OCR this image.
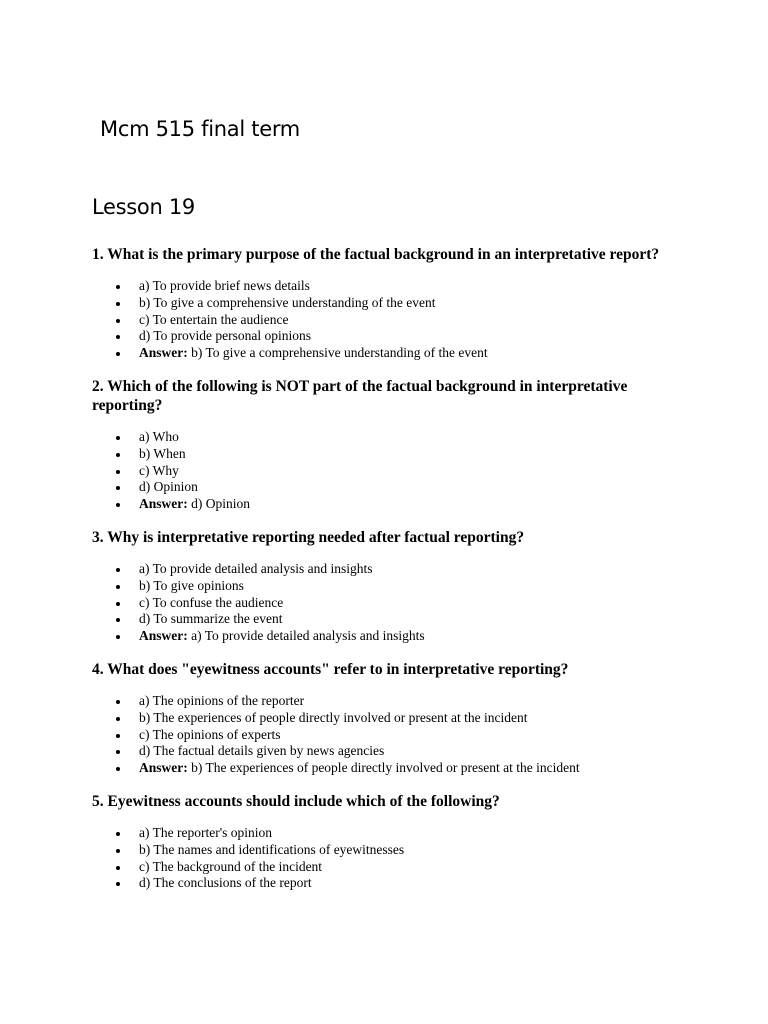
Mcm 515 final term
Lesson 19

1. What is the primary purpose of the factual background in an interpretative report?

a) To provide brief news details
b) To give a comprehensive understanding of the event
c) To entertain the audience
d) To provide personal opinions
Answer: b) To give a comprehensive understanding of the event

2. Which of the following is NOT part of the factual background in interpretative reporting?

a) Who
b) When
c) Why
d) Opinion
Answer: d) Opinion

3. Why is interpretative reporting needed after factual reporting?

a) To provide detailed analysis and insights
b) To give opinions
c) To confuse the audience
d) To summarize the event
Answer: a) To provide detailed analysis and insights

4. What does "eyewitness accounts" refer to in interpretative reporting?

a) The opinions of the reporter
b) The experiences of people directly involved or present at the incident
c) The opinions of experts
d) The factual details given by news agencies
Answer: b) The experiences of people directly involved or present at the incident

5. Eyewitness accounts should include which of the following?

a) The reporter's opinion
b) The names and identifications of eyewitnesses
c) The background of the incident
d) The conclusions of the report
